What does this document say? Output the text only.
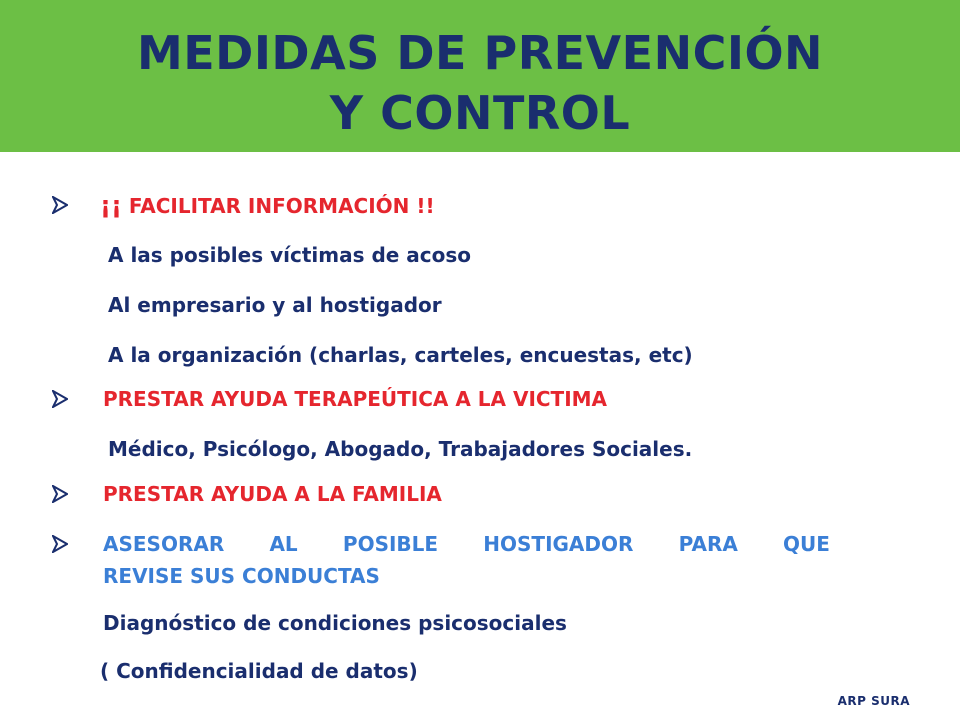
MEDIDAS DE PREVENCIÓN
Y CONTROL
¡¡ FACILITAR INFORMACIÓN !!
A las posibles víctimas de acoso
Al empresario y al hostigador
A la organización (charlas, carteles, encuestas, etc)
PRESTAR AYUDA TERAPEÚTICA A LA VICTIMA
Médico, Psicólogo, Abogado, Trabajadores Sociales.
PRESTAR AYUDA A LA FAMILIA
ASESORAR AL POSIBLE HOSTIGADOR PARA QUE
REVISE SUS CONDUCTAS
Diagnóstico de condiciones psicosociales
( Confidencialidad de datos)
ARP SURA
